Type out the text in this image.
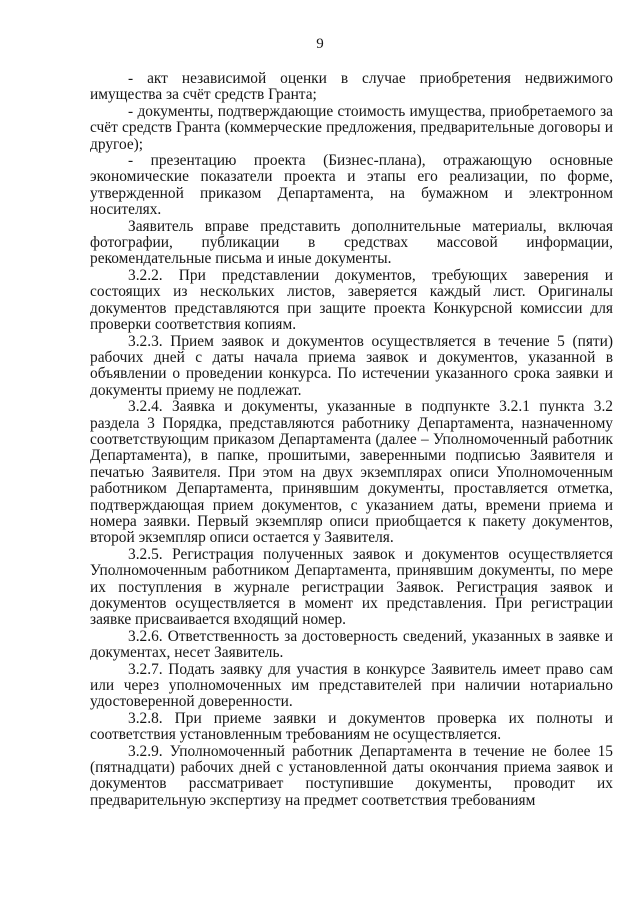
9

- акт независимой оценки в случае приобретения недвижимого имущества за счёт средств Гранта;

- документы, подтверждающие стоимость имущества, приобретаемого за счёт средств Гранта (коммерческие предложения, предварительные договоры и другое);

- презентацию проекта (Бизнес-плана), отражающую основные экономические показатели проекта и этапы его реализации, по форме, утвержденной приказом Департамента, на бумажном и электронном носителях.

Заявитель вправе представить дополнительные материалы, включая фотографии, публикации в средствах массовой информации, рекомендательные письма и иные документы.

3.2.2. При представлении документов, требующих заверения и состоящих из нескольких листов, заверяется каждый лист. Оригиналы документов представляются при защите проекта Конкурсной комиссии для проверки соответствия копиям.

3.2.3. Прием заявок и документов осуществляется в течение 5 (пяти) рабочих дней с даты начала приема заявок и документов, указанной в объявлении о проведении конкурса. По истечении указанного срока заявки и документы приему не подлежат.

3.2.4. Заявка и документы, указанные в подпункте 3.2.1 пункта 3.2 раздела 3 Порядка, представляются работнику Департамента, назначенному соответствующим приказом Департамента (далее – Уполномоченный работник Департамента), в папке, прошитыми, заверенными подписью Заявителя и печатью Заявителя. При этом на двух экземплярах описи Уполномоченным работником Департамента, принявшим документы, проставляется отметка, подтверждающая прием документов, с указанием даты, времени приема и номера заявки. Первый экземпляр описи приобщается к пакету документов, второй экземпляр описи остается у Заявителя.

3.2.5. Регистрация полученных заявок и документов осуществляется Уполномоченным работником Департамента, принявшим документы, по мере их поступления в журнале регистрации Заявок. Регистрация заявок и документов осуществляется в момент их представления. При регистрации заявке присваивается входящий номер.

3.2.6. Ответственность за достоверность сведений, указанных в заявке и документах, несет Заявитель.

3.2.7. Подать заявку для участия в конкурсе Заявитель имеет право сам или через уполномоченных им представителей при наличии нотариально удостоверенной доверенности.

3.2.8. При приеме заявки и документов проверка их полноты и соответствия установленным требованиям не осуществляется.

3.2.9. Уполномоченный работник Департамента в течение не более 15 (пятнадцати) рабочих дней с установленной даты окончания приема заявок и документов рассматривает поступившие документы, проводит их предварительную экспертизу на предмет соответствия требованиям
